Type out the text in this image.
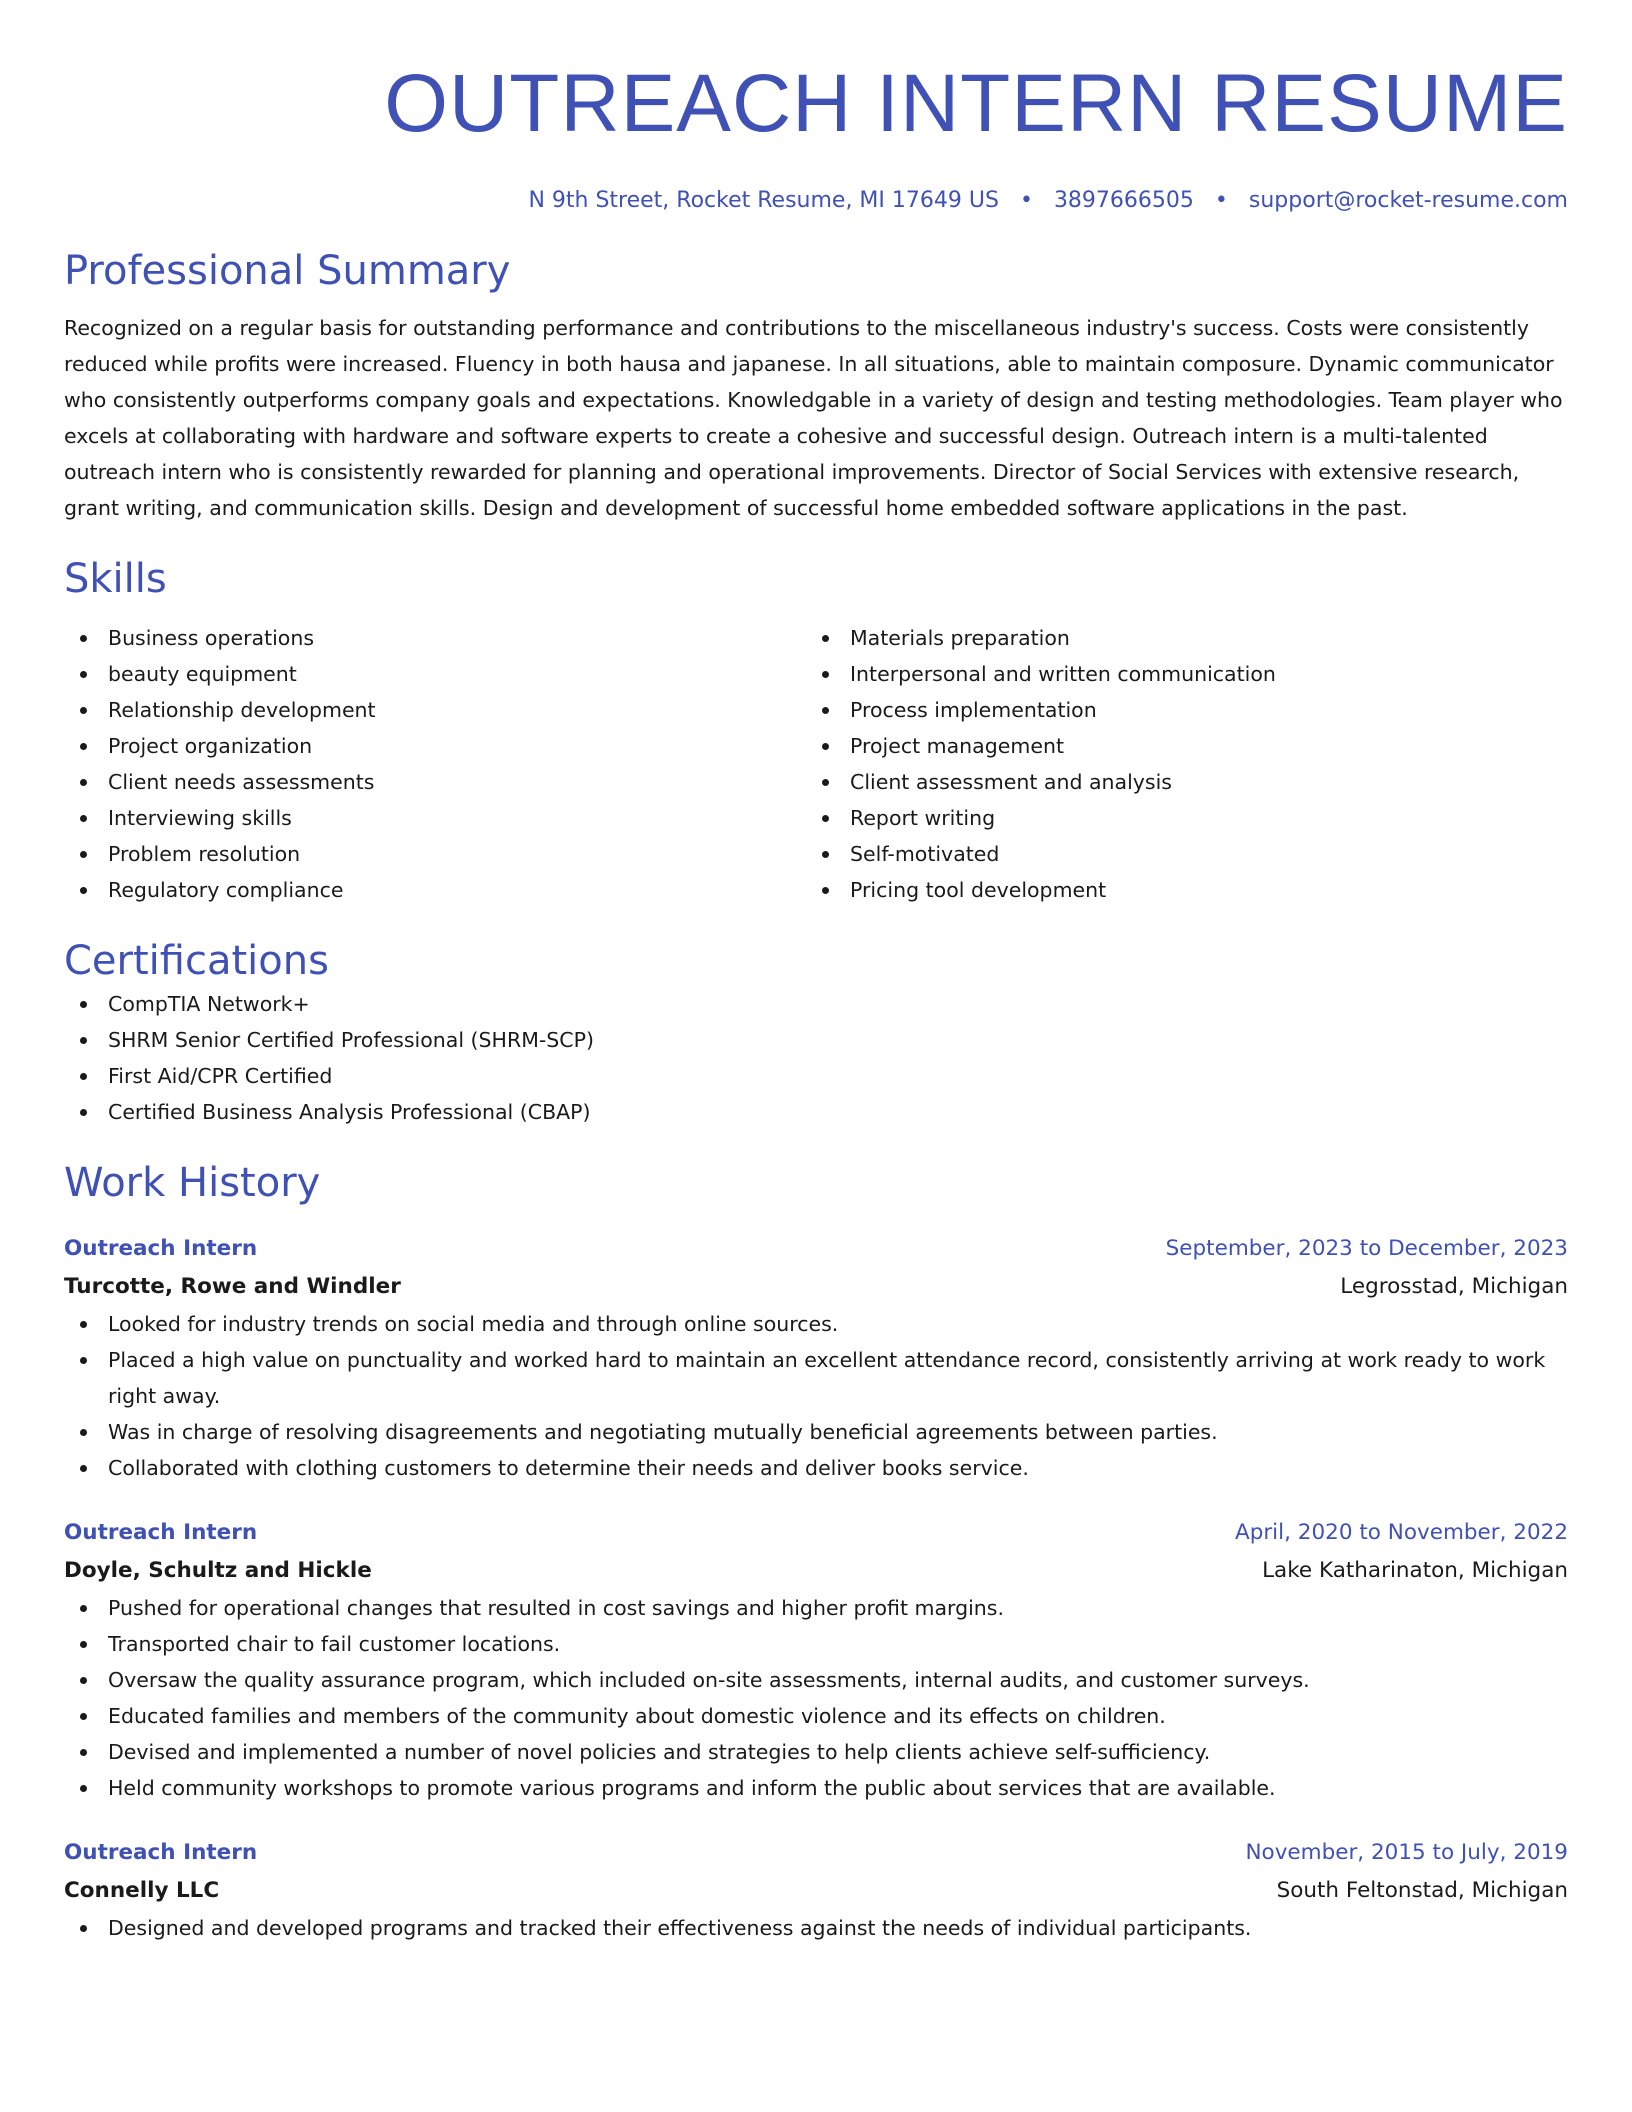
OUTREACH INTERN RESUME
N 9th Street, Rocket Resume, MI 17649 US • 3897666505 • support@rocket-resume.com
Professional Summary
Recognized on a regular basis for outstanding performance and contributions to the miscellaneous industry's success. Costs were consistently reduced while profits were increased. Fluency in both hausa and japanese. In all situations, able to maintain composure. Dynamic communicator who consistently outperforms company goals and expectations. Knowledgable in a variety of design and testing methodologies. Team player who excels at collaborating with hardware and software experts to create a cohesive and successful design. Outreach intern is a multi-talented outreach intern who is consistently rewarded for planning and operational improvements. Director of Social Services with extensive research, grant writing, and communication skills. Design and development of successful home embedded software applications in the past.
Skills
Business operations
beauty equipment
Relationship development
Project organization
Client needs assessments
Interviewing skills
Problem resolution
Regulatory compliance
Materials preparation
Interpersonal and written communication
Process implementation
Project management
Client assessment and analysis
Report writing
Self-motivated
Pricing tool development
Certifications
CompTIA Network+
SHRM Senior Certified Professional (SHRM-SCP)
First Aid/CPR Certified
Certified Business Analysis Professional (CBAP)
Work History
Outreach Intern	September, 2023 to December, 2023
Turcotte, Rowe and Windler	Legrosstad, Michigan
Looked for industry trends on social media and through online sources.
Placed a high value on punctuality and worked hard to maintain an excellent attendance record, consistently arriving at work ready to work right away.
Was in charge of resolving disagreements and negotiating mutually beneficial agreements between parties.
Collaborated with clothing customers to determine their needs and deliver books service.
Outreach Intern	April, 2020 to November, 2022
Doyle, Schultz and Hickle	Lake Katharinaton, Michigan
Pushed for operational changes that resulted in cost savings and higher profit margins.
Transported chair to fail customer locations.
Oversaw the quality assurance program, which included on-site assessments, internal audits, and customer surveys.
Educated families and members of the community about domestic violence and its effects on children.
Devised and implemented a number of novel policies and strategies to help clients achieve self-sufficiency.
Held community workshops to promote various programs and inform the public about services that are available.
Outreach Intern	November, 2015 to July, 2019
Connelly LLC	South Feltonstad, Michigan
Designed and developed programs and tracked their effectiveness against the needs of individual participants.
